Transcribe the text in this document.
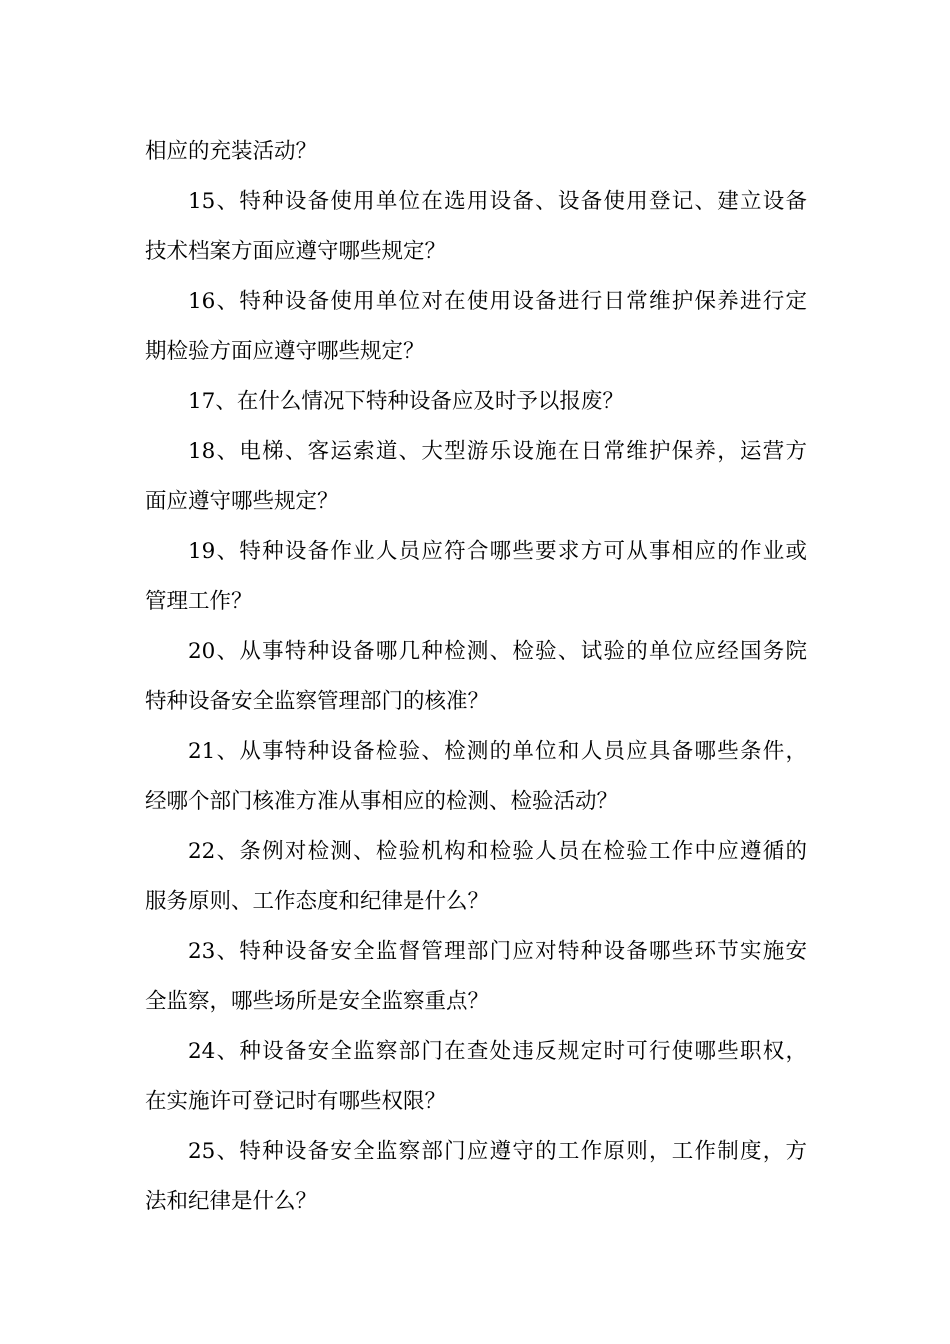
相应的充装活动？
15、特种设备使用单位在选用设备、设备使用登记、建立设备
技术档案方面应遵守哪些规定？
16、特种设备使用单位对在使用设备进行日常维护保养进行定
期检验方面应遵守哪些规定？
17、在什么情况下特种设备应及时予以报废？
18、电梯、客运索道、大型游乐设施在日常维护保养，运营方
面应遵守哪些规定？
19、特种设备作业人员应符合哪些要求方可从事相应的作业或
管理工作？
20、从事特种设备哪几种检测、检验、试验的单位应经国务院
特种设备安全监察管理部门的核准？
21、从事特种设备检验、检测的单位和人员应具备哪些条件，
经哪个部门核准方准从事相应的检测、检验活动？
22、条例对检测、检验机构和检验人员在检验工作中应遵循的
服务原则、工作态度和纪律是什么？
23、特种设备安全监督管理部门应对特种设备哪些环节实施安
全监察，哪些场所是安全监察重点？
24、种设备安全监察部门在查处违反规定时可行使哪些职权，
在实施许可登记时有哪些权限？
25、特种设备安全监察部门应遵守的工作原则，工作制度，方
法和纪律是什么？
